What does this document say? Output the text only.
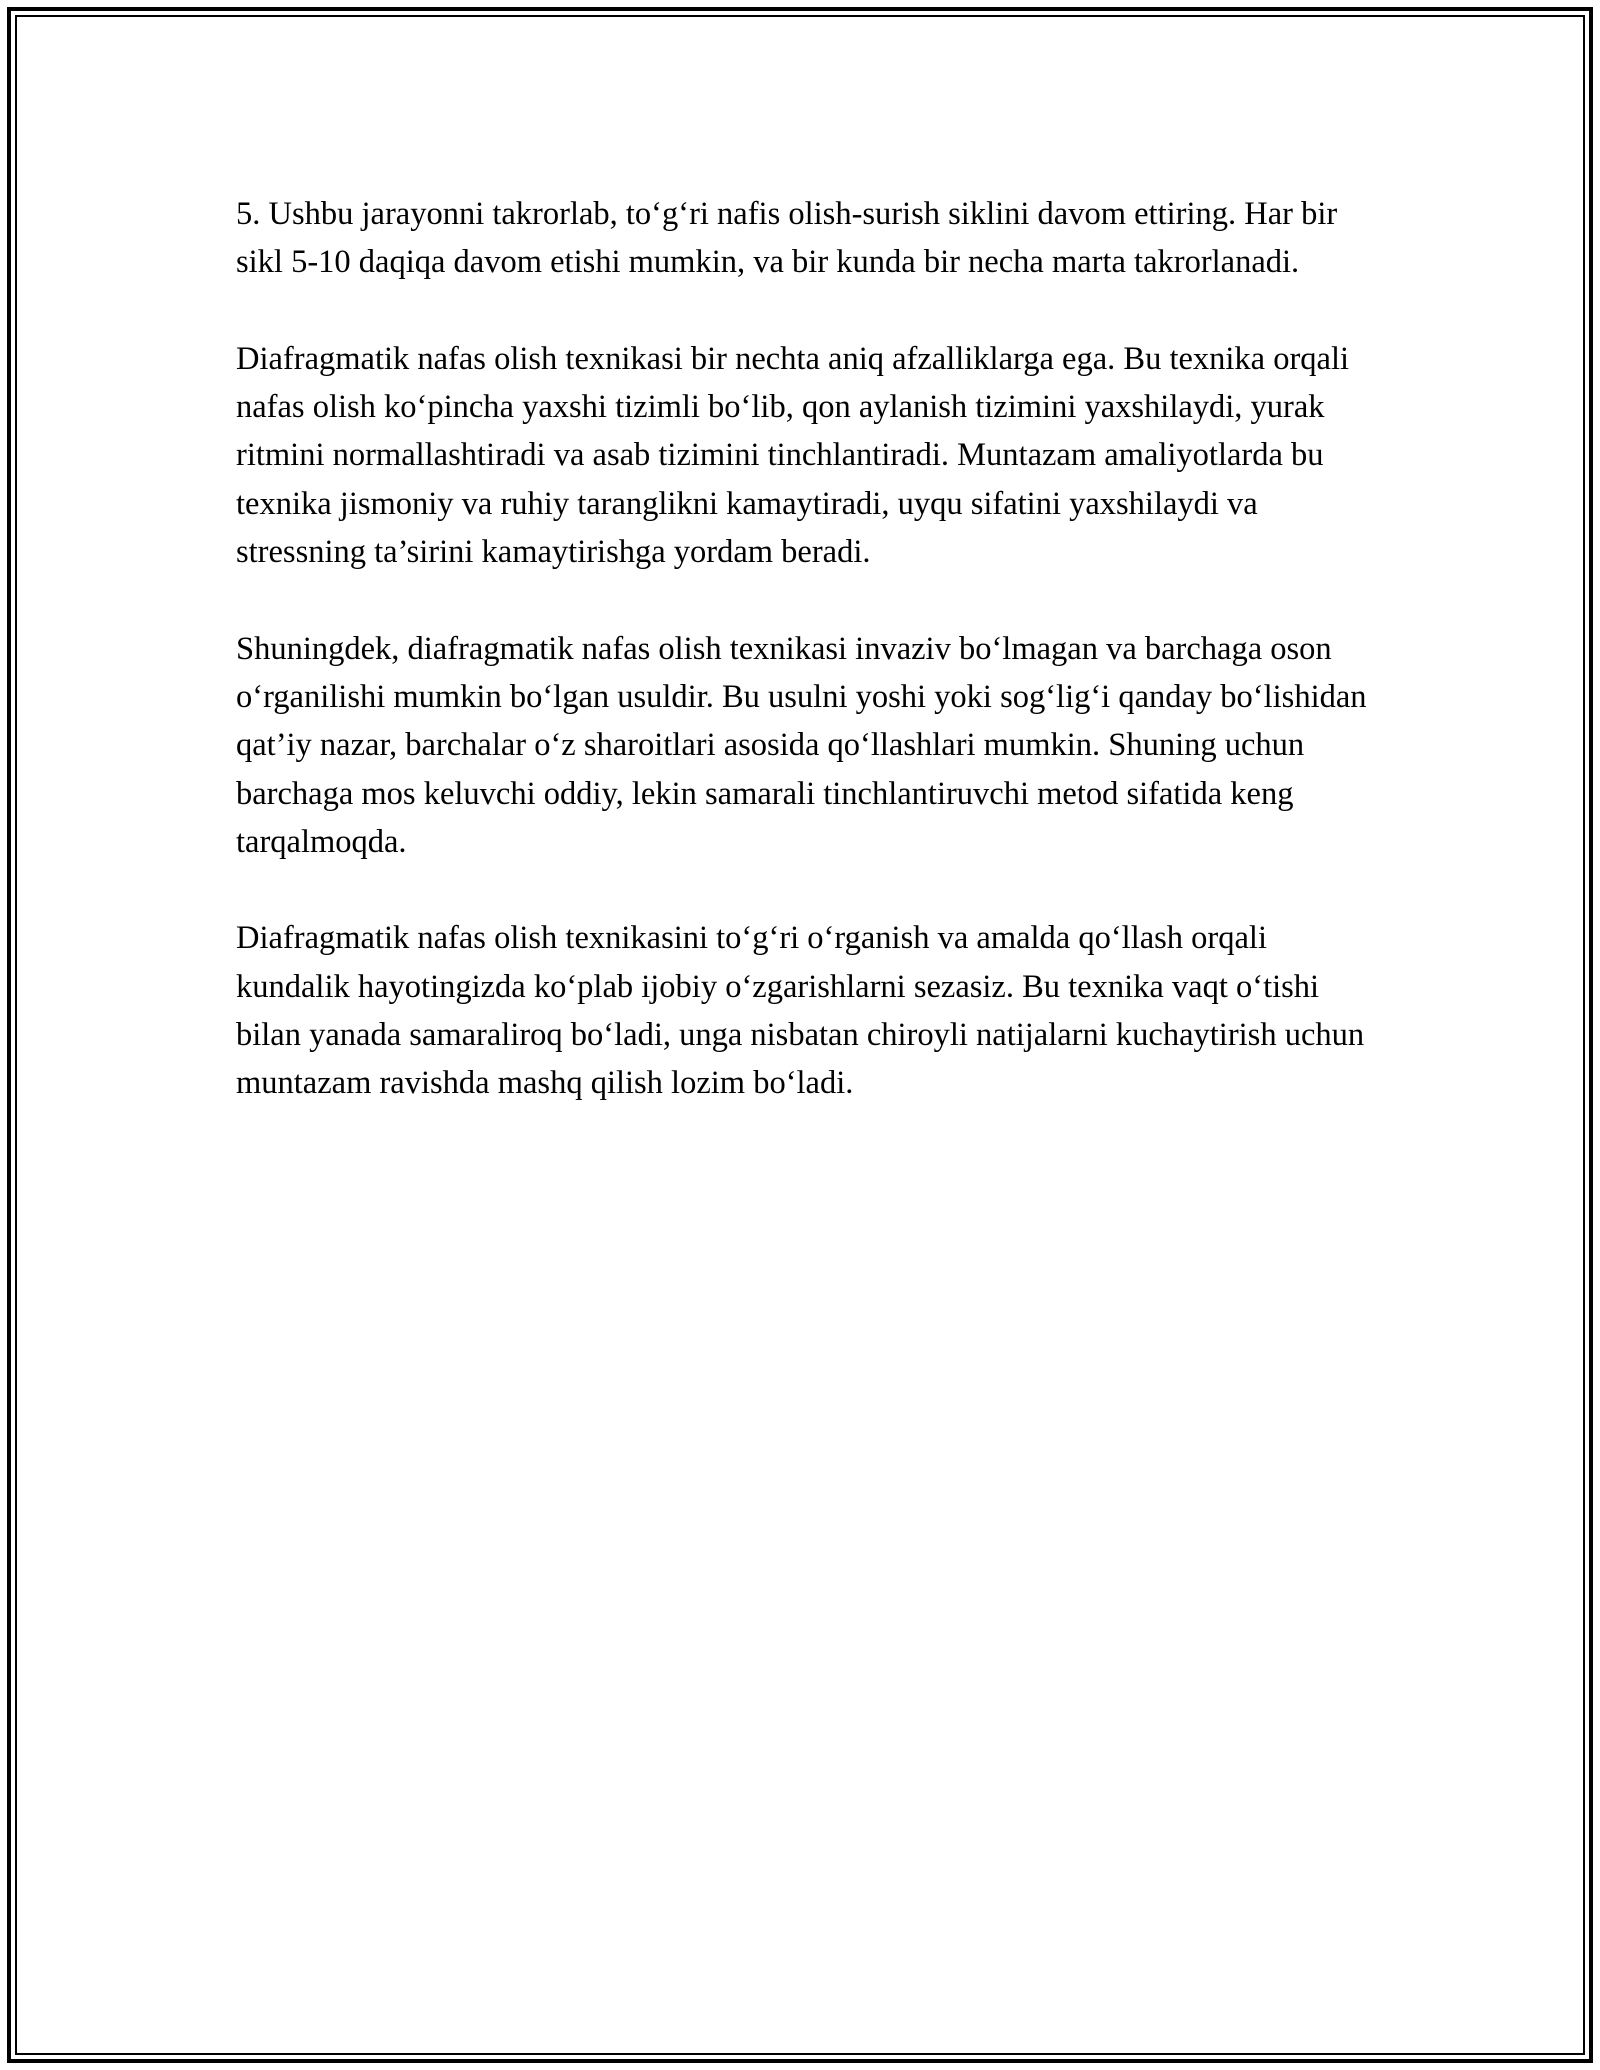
5. Ushbu jarayonni takrorlab, to‘g‘ri nafis olish-surish siklini davom ettiring. Har bir sikl 5-10 daqiqa davom etishi mumkin, va bir kunda bir necha marta takrorlanadi.

Diafragmatik nafas olish texnikasi bir nechta aniq afzalliklarga ega. Bu texnika orqali nafas olish ko‘pincha yaxshi tizimli bo‘lib, qon aylanish tizimini yaxshilaydi, yurak ritmini normallashtiradi va asab tizimini tinchlantiradi. Muntazam amaliyotlarda bu texnika jismoniy va ruhiy taranglikni kamaytiradi, uyqu sifatini yaxshilaydi va stressning ta’sirini kamaytirishga yordam beradi.

Shuningdek, diafragmatik nafas olish texnikasi invaziv bo‘lmagan va barchaga oson o‘rganilishi mumkin bo‘lgan usuldir. Bu usulni yoshi yoki sog‘lig‘i qanday bo‘lishidan qat’iy nazar, barchalar o‘z sharoitlari asosida qo‘llashlari mumkin. Shuning uchun barchaga mos keluvchi oddiy, lekin samarali tinchlantiruvchi metod sifatida keng tarqalmoqda.

Diafragmatik nafas olish texnikasini to‘g‘ri o‘rganish va amalda qo‘llash orqali kundalik hayotingizda ko‘plab ijobiy o‘zgarishlarni sezasiz. Bu texnika vaqt o‘tishi bilan yanada samaraliroq bo‘ladi, unga nisbatan chiroyli natijalarni kuchaytirish uchun muntazam ravishda mashq qilish lozim bo‘ladi.
